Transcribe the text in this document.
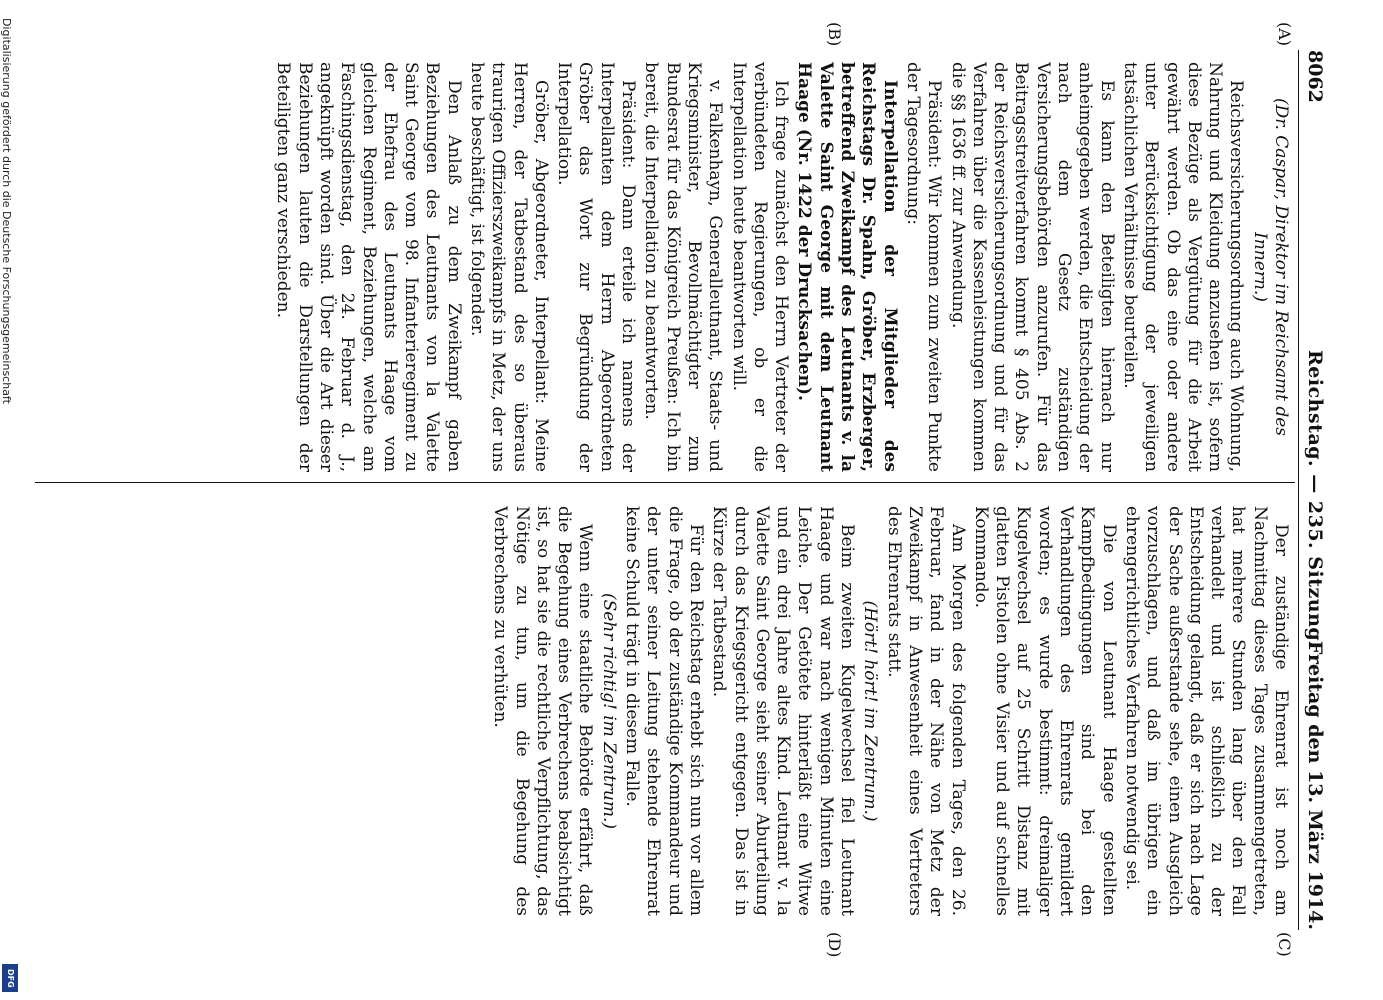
Digitalisierung gefördert durch die Deutsche Forschungsgemeinschaft
DFG
8062
Reichstag. — 235. Sitzung.
Freitag den 13. März 1914.
(A)
(B)
(C)
(D)

(Dr. Caspar, Direktor im Reichsamt des Innern.)

Reichsversicherungsordnung auch Wohnung, Nahrung und Kleidung anzusehen ist, sofern diese Bezüge als Vergütung für die Arbeit gewährt werden. Ob das eine oder andere unter Berücksichtigung der jeweiligen tatsächlichen Verhältnisse beurteilen.

Es kann den Beteiligten hiernach nur anheimgegeben werden, die Entscheidung der nach dem Gesetz zuständigen Versicherungsbehörden anzurufen. Für das Beitragsstreitverfahren kommt § 405 Abs. 2 der Reichsversicherungsordnung und für das Verfahren über die Kassenleistungen kommen die §§ 1636 ff. zur Anwendung.

Präsident: Wir kommen zum zweiten Punkte der Tagesordnung:

Interpellation der Mitglieder des Reichstags Dr. Spahn, Gröber, Erzberger, betreffend Zweikampf des Leutnants v. la Valette Saint George mit dem Leutnant Haage (Nr. 1422 der Drucksachen).

Ich frage zunächst den Herrn Vertreter der verbündeten Regierungen, ob er die Interpellation heute beantworten will.

v. Falkenhayn, Generalleutnant, Staats- und Kriegsminister, Bevollmächtigter zum Bundesrat für das Königreich Preußen: Ich bin bereit, die Interpellation zu beantworten.

Präsident: Dann erteile ich namens der Interpellanten dem Herrn Abgeordneten Gröber das Wort zur Begründung der Interpellation.

Gröber, Abgeordneter, Interpellant: Meine Herren, der Tatbestand des so überaus traurigen Offizierszweikampfs in Metz, der uns heute beschäftigt, ist folgender.

Den Anlaß zu dem Zweikampf gaben Beziehungen des Leutnants von la Valette Saint George vom 98. Infanterieregiment zu der Ehefrau des Leutnants Haage vom gleichen Regiment, Beziehungen, welche am Faschingsdienstag, den 24. Februar d. J., angeknüpft worden sind. Über die Art dieser Beziehungen lauten die Darstellungen der Beteiligten ganz verschieden.

Der zuständige Ehrenrat ist noch am Nachmittag dieses Tages zusammengetreten, hat mehrere Stunden lang über den Fall verhandelt und ist schließlich zu der Entscheidung gelangt, daß er sich nach Lage der Sache außerstande sehe, einen Ausgleich vorzuschlagen, und daß im übrigen ein ehrengerichtliches Verfahren notwendig sei.

Die von Leutnant Haage gestellten Kampfbedingungen sind bei den Verhandlungen des Ehrenrats gemildert worden; es wurde bestimmt: dreimaliger Kugelwechsel auf 25 Schritt Distanz mit glatten Pistolen ohne Visier und auf schnelles Kommando.

Am Morgen des folgenden Tages, den 26. Februar, fand in der Nähe von Metz der Zweikampf in Anwesenheit eines Vertreters des Ehrenrats statt.

(Hört! hört! im Zentrum.)

Beim zweiten Kugelwechsel fiel Leutnant Haage und war nach wenigen Minuten eine Leiche. Der Getötete hinterläßt eine Witwe und ein drei Jahre altes Kind. Leutnant v. la Valette Saint George sieht seiner Aburteilung durch das Kriegsgericht entgegen. Das ist in Kürze der Tatbestand.

Für den Reichstag erhebt sich nun vor allem die Frage, ob der zuständige Kommandeur und der unter seiner Leitung stehende Ehrenrat keine Schuld trägt in diesem Falle.

(Sehr richtig! im Zentrum.)

Wenn eine staatliche Behörde erfährt, daß die Begehung eines Verbrechens beabsichtigt ist, so hat sie die rechtliche Verpflichtung, das Nötige zu tun, um die Begehung des Verbrechens zu verhüten.
